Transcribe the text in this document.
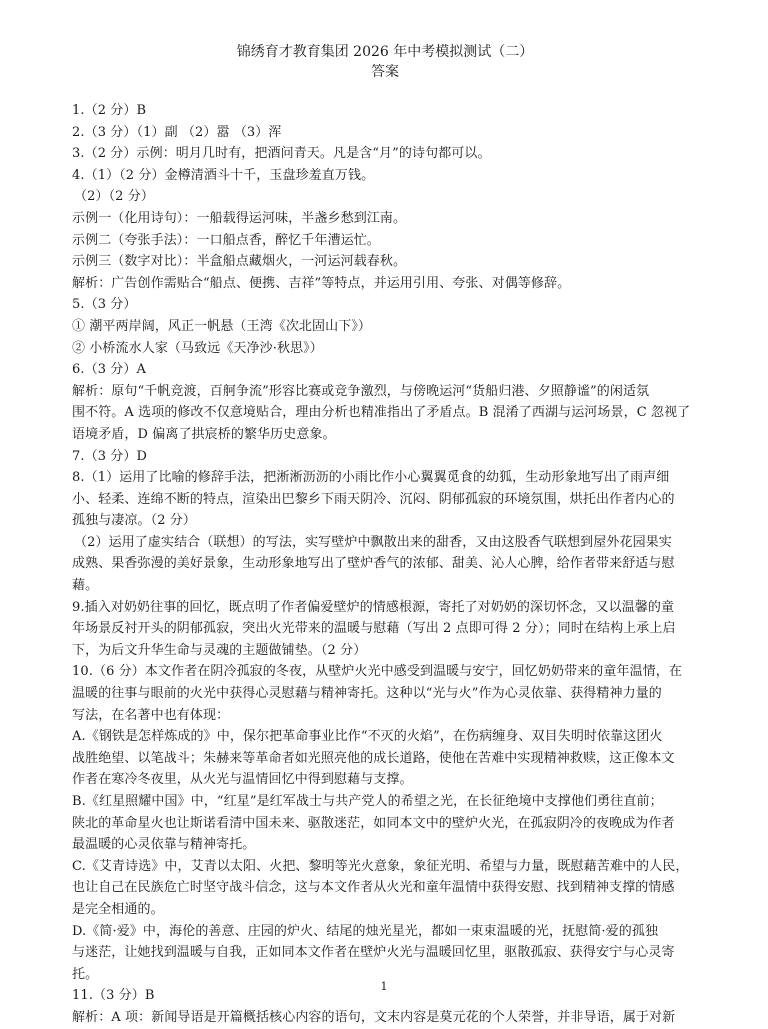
锦绣育才教育集团 2026 年中考模拟测试（二）

答案

1.（2 分）B

2.（3 分）（1）副 （2）嚣 （3）浑

3.（2 分）示例：明月几时有，把酒问青天。凡是含“月”的诗句都可以。

4.（1）（2 分）金樽清酒斗十千，玉盘珍羞直万钱。

（2）（2 分）

示例一（化用诗句）：一船载得运河味，半盏乡愁到江南。

示例二（夸张手法）：一口船点香，醉忆千年漕运忙。

示例三（数字对比）：半盒船点藏烟火，一河运河载春秋。

解析：广告创作需贴合“船点、便携、吉祥”等特点，并运用引用、夸张、对偶等修辞。

5.（3 分）

① 潮平两岸阔，风正一帆悬（王湾《次北固山下》）

② 小桥流水人家（马致远《天净沙·秋思》）

6.（3 分）A

解析：原句“千帆竞渡，百舸争流”形容比赛或竞争激烈，与傍晚运河“货船归港、夕照静谧”的闲适氛

围不符。A 选项的修改不仅意境贴合，理由分析也精准指出了矛盾点。B 混淆了西湖与运河场景，C 忽视了

语境矛盾，D 偏离了拱宸桥的繁华历史意象。

7.（3 分）D

8.（1）运用了比喻的修辞手法，把淅淅沥沥的小雨比作小心翼翼觅食的幼狐，生动形象地写出了雨声细

小、轻柔、连绵不断的特点，渲染出巴黎乡下雨天阴冷、沉闷、阴郁孤寂的环境氛围，烘托出作者内心的

孤独与凄凉。（2 分）

（2）运用了虚实结合（联想）的写法，实写壁炉中飘散出来的甜香，又由这股香气联想到屋外花园果实

成熟、果香弥漫的美好景象，生动形象地写出了壁炉香气的浓郁、甜美、沁人心脾，给作者带来舒适与慰

藉。

9.插入对奶奶往事的回忆，既点明了作者偏爱壁炉的情感根源，寄托了对奶奶的深切怀念，又以温馨的童

年场景反衬开头的阴郁孤寂，突出火光带来的温暖与慰藉（写出 2 点即可得 2 分）；同时在结构上承上启

下，为后文升华生命与灵魂的主题做铺垫。（2 分）

10.（6 分）本文作者在阴冷孤寂的冬夜，从壁炉火光中感受到温暖与安宁，回忆奶奶带来的童年温情，在

温暖的往事与眼前的火光中获得心灵慰藉与精神寄托。这种以“光与火”作为心灵依靠、获得精神力量的

写法，在名著中也有体现：

A.《钢铁是怎样炼成的》中，保尔把革命事业比作“不灭的火焰”，在伤病缠身、双目失明时依靠这团火

战胜绝望、以笔战斗；朱赫来等革命者如光照亮他的成长道路，使他在苦难中实现精神救赎，这正像本文

作者在寒冷冬夜里，从火光与温情回忆中得到慰藉与支撑。

B.《红星照耀中国》中，“红星”是红军战士与共产党人的希望之光，在长征绝境中支撑他们勇往直前；

陕北的革命星火也让斯诺看清中国未来、驱散迷茫，如同本文中的壁炉火光，在孤寂阴冷的夜晚成为作者

最温暖的心灵依靠与精神寄托。

C.《艾青诗选》中，艾青以太阳、火把、黎明等光火意象，象征光明、希望与力量，既慰藉苦难中的人民，

也让自己在民族危亡时坚守战斗信念，这与本文作者从火光和童年温情中获得安慰、找到精神支撑的情感

是完全相通的。

D.《简·爱》中，海伦的善意、庄园的炉火、结尾的烛光星光，都如一束束温暖的光，抚慰简·爱的孤独

与迷茫，让她找到温暖与自我，正如同本文作者在壁炉火光与温暖回忆里，驱散孤寂、获得安宁与心灵寄

托。

11.（3 分）B

解析：A 项：新闻导语是开篇概括核心内容的语句，文末内容是莫元花的个人荣誉，并非导语，属于对新

1
